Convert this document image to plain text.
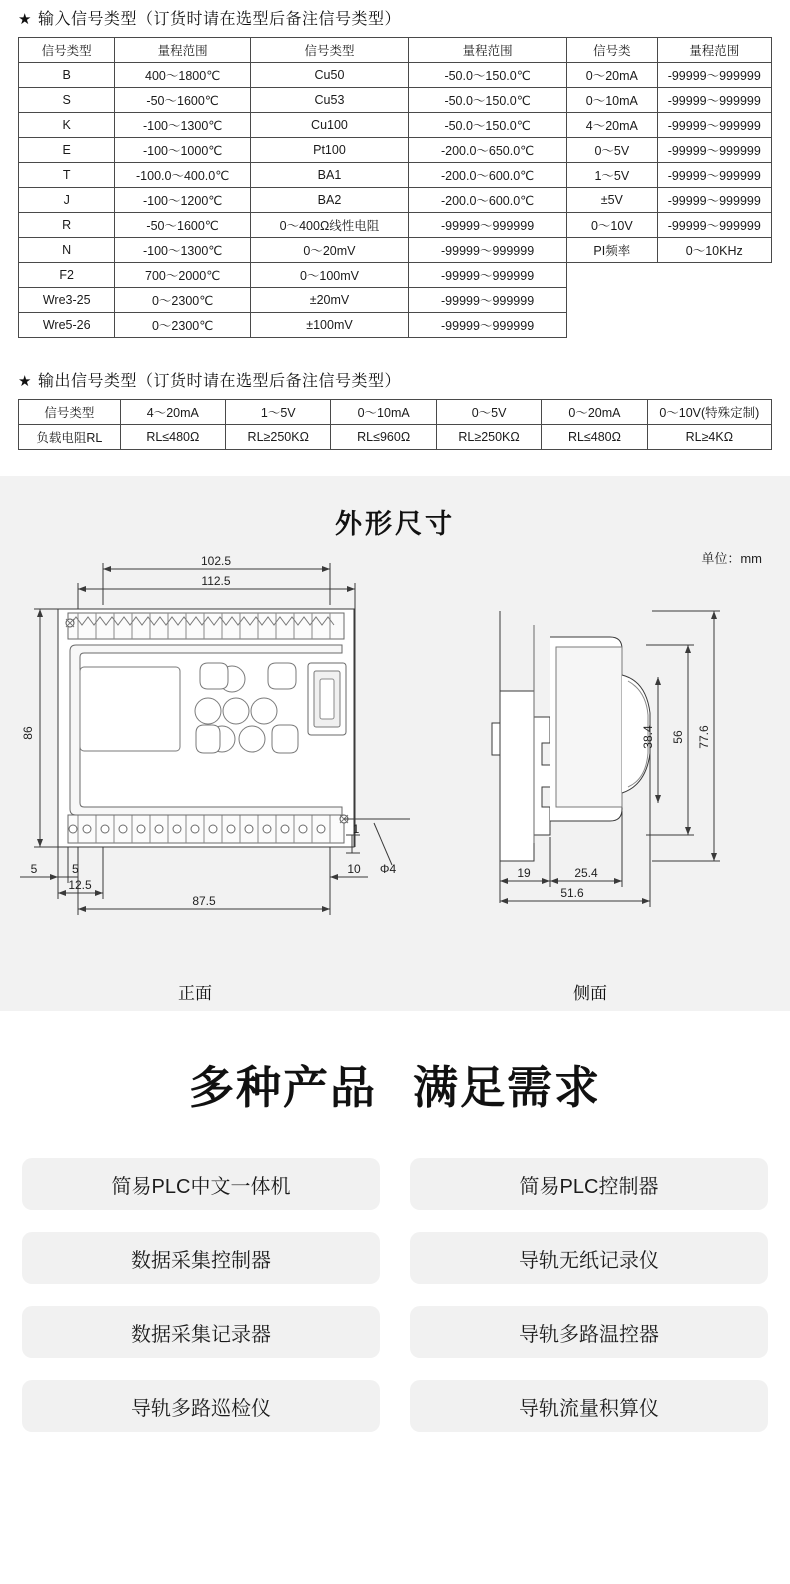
★ 输入信号类型（订货时请在选型后备注信号类型）
信号类型	量程范围	信号类型	量程范围	信号类	量程范围
B	400～1800℃	Cu50	-50.0～150.0℃	0～20mA	-99999～999999
S	-50～1600℃	Cu53	-50.0～150.0℃	0～10mA	-99999～999999
K	-100～1300℃	Cu100	-50.0～150.0℃	4～20mA	-99999～999999
E	-100～1000℃	Pt100	-200.0～650.0℃	0～5V	-99999～999999
T	-100.0～400.0℃	BA1	-200.0～600.0℃	1～5V	-99999～999999
J	-100～1200℃	BA2	-200.0～600.0℃	±5V	-99999～999999
R	-50～1600℃	0～400Ω线性电阻	-99999～999999	0～10V	-99999～999999
N	-100～1300℃	0～20mV	-99999～999999	PI频率	0～10KHz
F2	700～2000℃	0～100mV	-99999～999999		
Wre3-25	0～2300℃	±20mV	-99999～999999		
Wre5-26	0～2300℃	±100mV	-99999～999999		
★ 输出信号类型（订货时请在选型后备注信号类型）
信号类型	4～20mA	1～5V	0～10mA	0～5V	0～20mA	0～10V(特殊定制)
负载电阻RL	RL≤480Ω	RL≥250KΩ	RL≤960Ω	RL≥250KΩ	RL≤480Ω	RL≥4KΩ
外形尺寸
单位：mm
112.5
102.5
86
87.5
12.5
5	5	10 Φ4
1
77.6
56
38.4
19	25.4
51.6
正面	侧面
多种产品 满足需求
简易PLC中文一体机	简易PLC控制器
数据采集控制器	导轨无纸记录仪
数据采集记录器	导轨多路温控器
导轨多路巡检仪	导轨流量积算仪
